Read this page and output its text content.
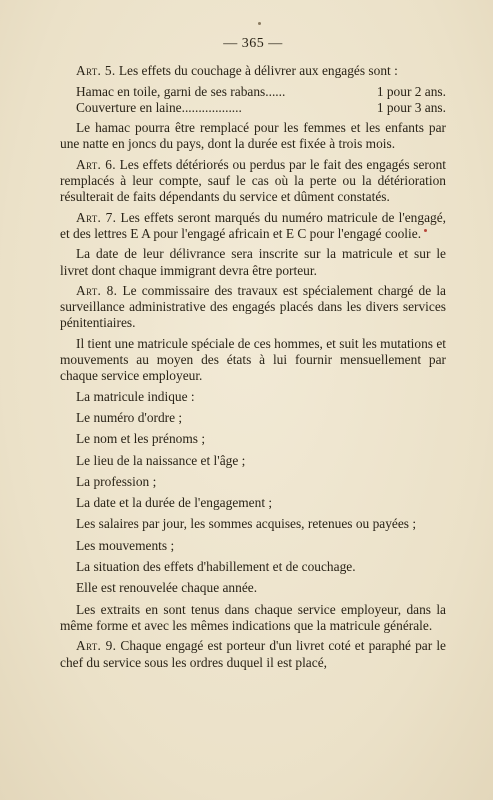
— 365 —

Art. 5. Les effets du couchage à délivrer aux engagés sont :

Hamac en toile, garni de ses rabans......	1 pour 2 ans.
Couverture en laine..................	1 pour 3 ans.

Le hamac pourra être remplacé pour les femmes et les enfants par une natte en joncs du pays, dont la durée est fixée à trois mois.

Art. 6. Les effets détériorés ou perdus par le fait des engagés seront remplacés à leur compte, sauf le cas où la perte ou la détérioration résulterait de faits dépendants du service et dûment constatés.

Art. 7. Les effets seront marqués du numéro matricule de l'engagé, et des lettres E A pour l'engagé africain et E C pour l'engagé coolie.

La date de leur délivrance sera inscrite sur la matricule et sur le livret dont chaque immigrant devra être porteur.

Art. 8. Le commissaire des travaux est spécialement chargé de la surveillance administrative des engagés placés dans les divers services pénitentiaires.

Il tient une matricule spéciale de ces hommes, et suit les mutations et mouvements au moyen des états à lui fournir mensuellement par chaque service employeur.

La matricule indique :

Le numéro d'ordre ;

Le nom et les prénoms ;

Le lieu de la naissance et l'âge ;

La profession ;

La date et la durée de l'engagement ;

Les salaires par jour, les sommes acquises, retenues ou payées ;

Les mouvements ;

La situation des effets d'habillement et de couchage.

Elle est renouvelée chaque année.

Les extraits en sont tenus dans chaque service employeur, dans la même forme et avec les mêmes indications que la matricule générale.

Art. 9. Chaque engagé est porteur d'un livret coté et paraphé par le chef du service sous les ordres duquel il est placé,
